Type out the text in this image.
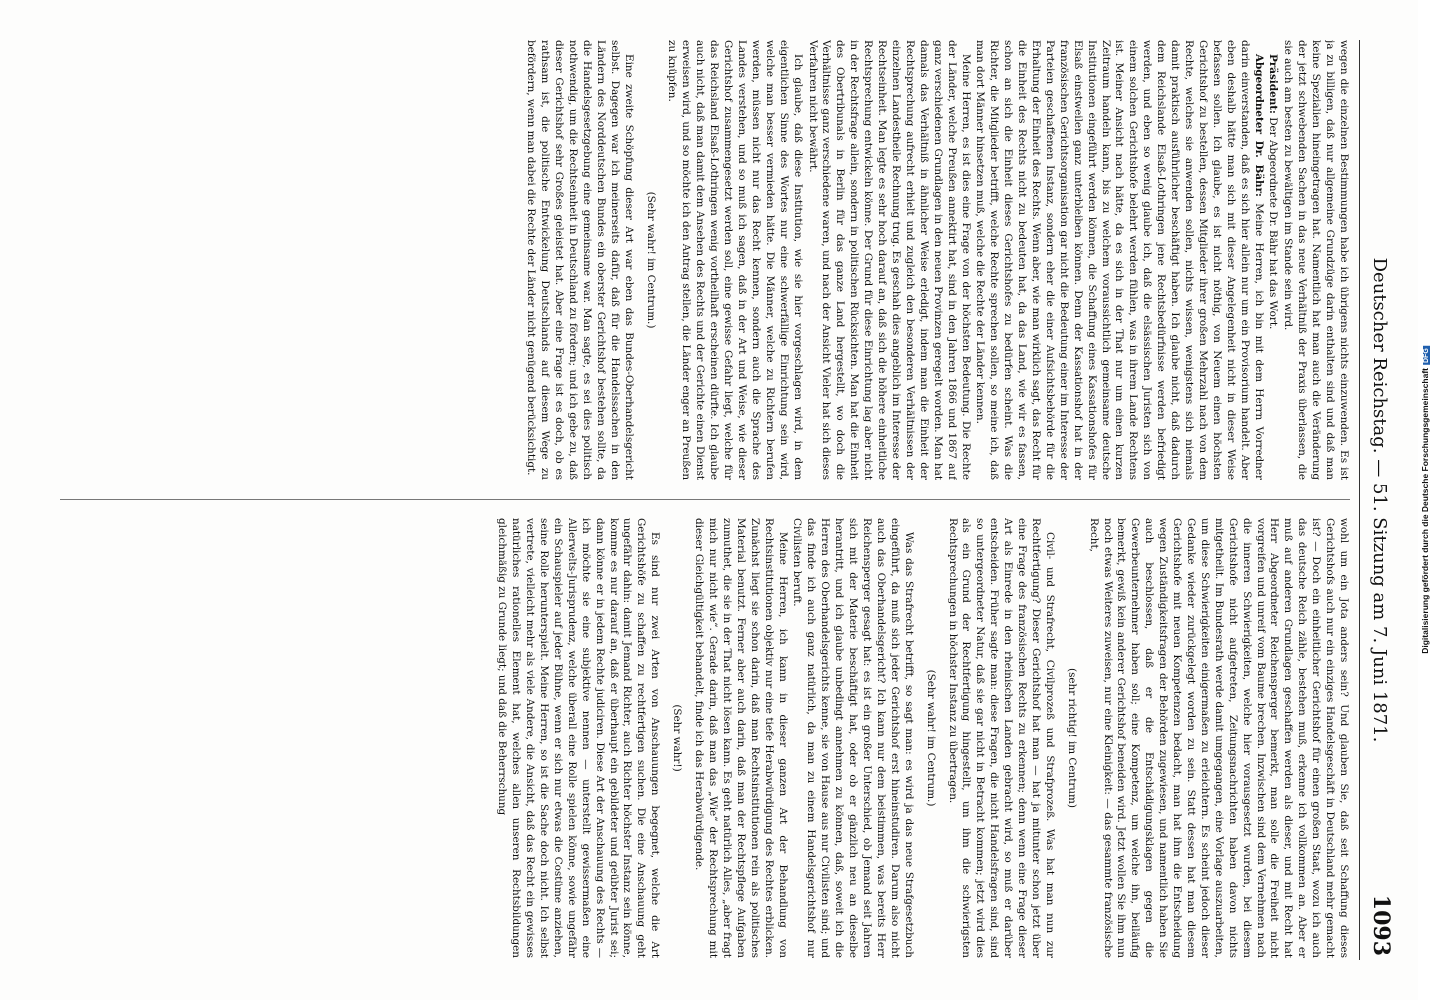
Deutscher Reichstag. — 51. Sitzung am 7. Juni 1871.
1093

wegen die einzelnen Bestimmungen habe ich übrigens nichts einzuwenden. Es ist ja zu billigen, daß nur allgemeine Grundzüge darin enthalten sind und daß man keine Spezialien hineingetragen hat. Namentlich hat man auch die Veränderung der jetzt schwebenden Sachen in das neue Verhältniß der Praxis überlassen, die sie auch am besten zu bewältigen im Stande sein wird.

Präsident: Der Abgeordnete Dr. Bähr hat das Wort.

Abgeordneter Dr. Bähr: Meine Herren, ich bin mit dem Herrn Vorredner darin einverstanden, daß es sich hier allein nur um ein Provisorium handelt. Aber eben deshalb hätte man sich mit dieser Angelegenheit nicht in dieser Weise befassen sollen. Ich glaube, es ist nicht nöthig, von Neuem einen höchsten Gerichtshof zu bestellen, dessen Mitglieder ihrer großen Mehrzahl nach von dem Rechte, welches sie anwenden sollen, nichts wissen, wenigstens sich niemals damit praktisch ausführlicher beschäftigt haben. Ich glaube nicht, daß dadurch dem Reichslande Elsaß-Lothringen jene Rechtsbedürfnisse werden befriedigt werden, und eben so wenig glaube ich, daß die elsässischen Juristen sich von einem solchen Gerichtshofe belehrt werden fühlen, was in ihrem Lande Rechtens ist. Meiner Ansicht nach hätte, da es sich in der That nur um einen kurzen Zeitraum handeln kann, bis zu welchem voraussichtlich gemeinsame deutsche Institutionen eingeführt werden können, die Schaffung eines Kassationshofes für Elsaß einstweilen ganz unterbleiben können. Denn der Kassationshof hat in der französischen Gerichtsorganisation gar nicht die Bedeutung einer im Interesse der Parteien geschaffenen Instanz, sondern eher die einer Aufsichtsbehörde für die Erhaltung der Einheit des Rechts. Wenn aber, wie man wirklich sagt, das Recht für die Einheit des Rechts nicht zu bedeuten hat, da das Land, wie wir es fassen, schon an sich die Einheit dieses Gerichtshofes zu bedürfen scheint. Was die Richter, die Mitglieder betrifft, welche Rechte sprechen sollen, so meine ich, daß man dort Männer hinsetzen muß, welche die Rechte der Länder kennen.

Meine Herren, es ist dies eine Frage von der höchsten Bedeutung. Die Rechte der Länder, welche Preußen annektirt hat, sind in den Jahren 1866 und 1867 auf ganz verschiedenen Grundlagen in den neuen Provinzen geregelt worden. Man hat damals das Verhältniß in ähnlicher Weise erledigt, indem man die Einheit der Rechtsprechung aufrecht erhielt und zugleich den besonderen Verhältnissen der einzelnen Landestheile Rechnung trug. Es geschah dies angeblich im Interesse der Rechtseinheit. Man legte es sehr hoch darauf an, daß sich die höhere einheitliche Rechtsprechung entwickeln könne. Der Grund für diese Einrichtung lag aber nicht in der Rechtsfrage allein, sondern in politischen Rücksichten. Man hat die Einheit des Obertribunals in Berlin für das ganze Land hergestellt, wo doch die Verhältnisse ganz verschiedene waren, und nach der Ansicht Vieler hat sich dieses Verfahren nicht bewährt.

Ich glaube, daß diese Institution, wie sie hier vorgeschlagen wird, in dem eigentlichen Sinne des Wortes nur eine schwerfällige Einrichtung sein wird, welche man besser vermieden hätte. Die Männer, welche zu Richtern berufen werden, müssen nicht nur das Recht kennen, sondern auch die Sprache des Landes verstehen, und so muß ich sagen, daß in der Art und Weise, wie dieser Gerichtshof zusammengesetzt werden soll, eine gewisse Gefahr liegt, welche für das Reichsland Elsaß-Lothringen wenig vortheilhaft erscheinen dürfte. Ich glaube auch nicht, daß man damit dem Ansehen des Rechts und der Gerichte einen Dienst erweisen wird, und so möchte ich den Antrag stellen, die Länder enger an Preußen zu knüpfen.

(Sehr wahr! im Centrum.)

Eine zweite Schöpfung dieser Art war eben das Bundes-Oberhandelsgericht selbst. Dagegen war ich meinerseits dafür, daß für die Handelssachen in den Ländern des Norddeutschen Bundes ein oberster Gerichtshof bestehen sollte, da die Handelsgesetzgebung eine gemeinsame war. Man sagte, es sei dies politisch nothwendig, um die Rechtseinheit in Deutschland zu fördern; und ich gebe zu, daß dieser Gerichtshof sehr Großes geleistet hat. Aber eine Frage ist es doch, ob es rathsam ist, die politische Entwickelung Deutschlands auf diesem Wege zu befördern, wenn man dabei die Rechte der Länder nicht genügend berücksichtigt.

wohl um ein Jota anders sein? Und glauben Sie, daß seit Schaffung dieses Gerichtshofs auch nur ein einziges Handelsgeschäft in Deutschland mehr gemacht ist? — Doch ein einheitlicher Gerichtshof für einen großen Staat, wozu ich auch das deutsche Reich zähle, bestehen muß, erkenne ich vollkommen an. Aber er muß auf anderen Grundlagen geschaffen werden als dieser, und mit Recht hat Herr Abgeordneter Reichensperger bemerkt, man solle die Freiheit nicht vorgreifen und unreif vom Baume brechen. Inzwischen sind dem Vernehmen nach die inneren Schwierigkeiten, welche hier vorausgesetzt wurden, bei diesem Gerichtshofe nicht aufgetreten, Zeitungsnachrichten haben davon nichts mitgetheilt. Im Bundesrath werde damit umgegangen, eine Vorlage auszuarbeiten, um diese Schwierigkeiten einigermaßen zu erleichtern. Es scheint jedoch dieser Gedanke wieder zurückgelegt worden zu sein. Statt dessen hat man diesem Gerichtshofe mit neuen Kompetenzen bedacht, man hat ihm die Entscheidung wegen Zuständigkeitsfragen der Behörden zugewiesen, und namentlich haben Sie auch beschlossen, daß er die Entschädigungsklagen gegen die Gewerbeunternehmer haben soll; eine Kompetenz, um welche ihn, beiläufig bemerkt, gewiß kein anderer Gerichtshof beneiden wird. Jetzt wollen Sie ihm nun noch etwas Weiteres zuweisen, nur eine Kleinigkeit: — das gesammte französische Recht,

(sehr richtig! im Centrum)

Civil- und Strafrecht, Civilprozeß und Strafprozeß. Was hat man nun zur Rechtfertigung? Dieser Gerichtshof hat man — hat ja mitunter schon jetzt über eine Frage des französischen Rechts zu erkennen; denn wenn eine Frage dieser Art als Einrede in den rheinischen Landen gebracht wird, so muß er darüber entscheiden. Früher sagte man: diese Fragen, die nicht Handelsfragen sind, sind so untergeordneter Natur, daß sie gar nicht in Betracht kommen; jetzt wird dies als ein Grund der Rechtfertigung hingestellt, um ihm die schwierigsten Rechtsprechungen in höchster Instanz zu übertragen.

(Sehr wahr! im Centrum.)

Was das Strafrecht betrifft, so sagt man: es wird ja das neue Strafgesetzbuch eingeführt, da muß sich jeder Gerichtshof erst hineinstudiren. Darum also nicht auch das Oberhandelsgericht? Ich kann nur dem beistimmen, was bereits Herr Reichensperger gesagt hat: es ist ein großer Unterschied, ob Jemand seit Jahren sich mit der Materie beschäftigt hat, oder ob er gänzlich neu an dieselbe herantritt, und ich glaube unbedingt annehmen zu können, daß, soweit ich die Herren des Oberhandelsgerichts kenne, sie von Hause aus nur Civilisten sind; und das finde ich auch ganz natürlich, da man zu einem Handelsgerichtshof nur Civilisten beruft.

Meine Herren, ich kann in dieser ganzen Art der Behandlung von Rechtsinstitutionen objektiv nur eine tiefe Herabwürdigung des Rechtes erblicken. Zunächst liegt sie schon darin, daß man Rechtsinstitutionen rein als politisches Material benutzt. Ferner aber auch darin, daß man der Rechtspflege Aufgaben zumuthet, die sie in der That nicht lösen kann. Es geht natürlich Alles, „aber fragt mich nur nicht wie“. Gerade darin, daß man das „Wie“ der Rechtsprechung mit dieser Gleichgültigkeit behandelt, finde ich das Herabwürdigende.

(Sehr wahr!)

Es sind nur zwei Arten von Anschauungen begegnet, welche die Art Gerichtshöfe zu schaffen zu rechtfertigen suchen. Die eine Anschauung geht ungefähr dahin: damit Jemand Richter, auch Richter höchster Instanz sein könne, komme es nur darauf an, daß er überhaupt ein gebildeter und geübter Jurist sei; dann könne er in jedem Rechte judiciren. Diese Art der Anschauung des Rechts — ich möchte sie eine subjektive nennen — unterstellt gewissermaßen eine Allerwelts-Jurisprudenz, welche überall eine Rolle spielen könne, sowie ungefähr ein Schauspieler auf jeder Bühne, wenn er sich nur etwas die Costüme anziehen, seine Rolle herunterspielt. Meine Herren, so ist die Sache doch nicht. Ich selbst vertrete, vielleicht mehr als viele Andere, die Ansicht, daß das Recht ein gewisses natürliches rationelles Element hat, welches allen unseren Rechtsbildungen gleichmäßig zu Grunde liegt; und daß die Beherrschung

Digitalisierung gefördert durch die Deutsche ForschungsgemeinschaftDFG
